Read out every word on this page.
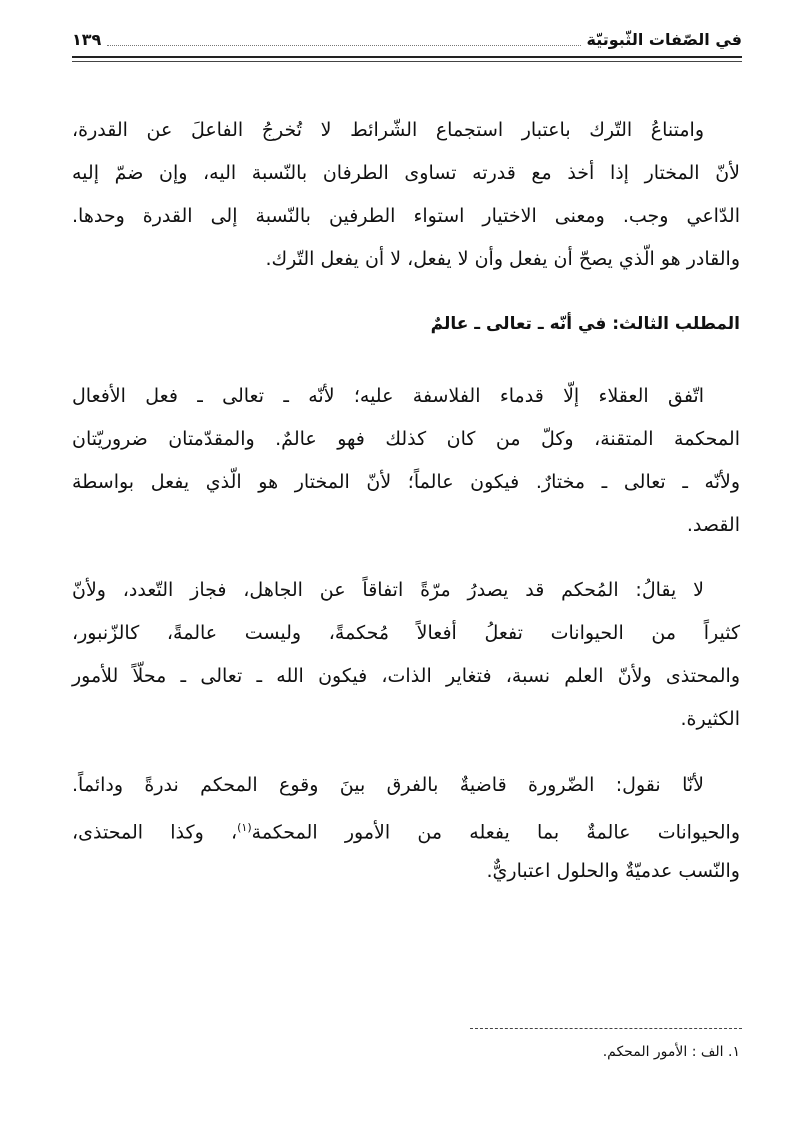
في الصّفات الثّبوتيّة
١٣٩
وامتناعُ التّرك باعتبار استجماع الشّرائط لا تُخرجُ الفاعلَ عن القدرة،
لأنّ المختار إذا أخذ مع قدرته تساوى الطرفان بالنّسبة اليه، وإن ضمّ إليه
الدّاعي وجب. ومعنى الاختيار استواء الطرفين بالنّسبة إلى القدرة وحدها.
والقادر هو الّذي يصحّ أن يفعل وأن لا يفعل، لا أن يفعل التّرك.
المطلب الثالث: في أنّه ـ تعالى ـ عالمٌ
اتّفق العقلاء إلّا قدماء الفلاسفة عليه؛ لأنّه ـ تعالى ـ فعل الأفعال
المحكمة المتقنة، وكلّ من كان كذلك فهو عالمٌ. والمقدّمتان ضروريّتان
ولأنّه ـ تعالى ـ مختارٌ. فيكون عالماً؛ لأنّ المختار هو الّذي يفعل بواسطة
القصد.
لا يقالُ: المُحكم قد يصدرُ مرّةً اتفاقاً عن الجاهل، فجاز التّعدد، ولأنّ
كثيراً من الحيوانات تفعلُ أفعالاً مُحكمةً، وليست عالمةً، كالزّنبور،
والمحتذى ولأنّ العلم نسبة، فتغاير الذات، فيكون الله ـ تعالى ـ محلّاً للأمور
الكثيرة.
لأنّا نقول: الضّرورة قاضيةٌ بالفرق بينَ وقوع المحكم ندرةً ودائماً.
والحيوانات عالمةٌ بما يفعله من الأمور المحكمة$^{(١)}$، وكذا المحتذى،
والنّسب عدميّةٌ والحلول اعتباريٌّ.
١. الف : الأمور المحكم.
